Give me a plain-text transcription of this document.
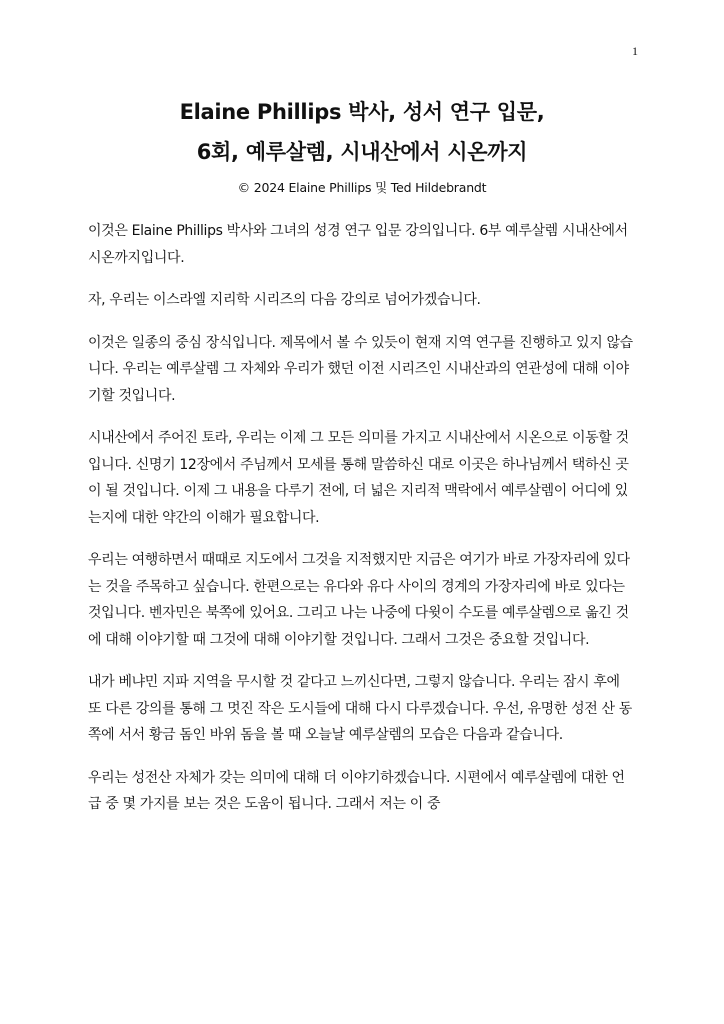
1
Elaine Phillips 박사, 성서 연구 입문,
6회, 예루살렘, 시내산에서 시온까지
© 2024 Elaine Phillips 및 Ted Hildebrandt

이것은 Elaine Phillips 박사와 그녀의 성경 연구 입문 강의입니다. 6부 예루살렘 시내산에서 시온까지입니다.

자, 우리는 이스라엘 지리학 시리즈의 다음 강의로 넘어가겠습니다.

이것은 일종의 중심 장식입니다. 제목에서 볼 수 있듯이 현재 지역 연구를 진행하고 있지 않습니다. 우리는 예루살렘 그 자체와 우리가 했던 이전 시리즈인 시내산과의 연관성에 대해 이야기할 것입니다.

시내산에서 주어진 토라, 우리는 이제 그 모든 의미를 가지고 시내산에서 시온으로 이동할 것입니다. 신명기 12장에서 주님께서 모세를 통해 말씀하신 대로 이곳은 하나님께서 택하신 곳이 될 것입니다. 이제 그 내용을 다루기 전에, 더 넓은 지리적 맥락에서 예루살렘이 어디에 있는지에 대한 약간의 이해가 필요합니다.

우리는 여행하면서 때때로 지도에서 그것을 지적했지만 지금은 여기가 바로 가장자리에 있다는 것을 주목하고 싶습니다. 한편으로는 유다와 유다 사이의 경계의 가장자리에 바로 있다는 것입니다. 벤자민은 북쪽에 있어요. 그리고 나는 나중에 다윗이 수도를 예루살렘으로 옮긴 것에 대해 이야기할 때 그것에 대해 이야기할 것입니다. 그래서 그것은 중요할 것입니다.

내가 베냐민 지파 지역을 무시할 것 같다고 느끼신다면, 그렇지 않습니다. 우리는 잠시 후에 또 다른 강의를 통해 그 멋진 작은 도시들에 대해 다시 다루겠습니다. 우선, 유명한 성전 산 동쪽에 서서 황금 돔인 바위 돔을 볼 때 오늘날 예루살렘의 모습은 다음과 같습니다.

우리는 성전산 자체가 갖는 의미에 대해 더 이야기하겠습니다. 시편에서 예루살렘에 대한 언급 중 몇 가지를 보는 것은 도움이 됩니다. 그래서 저는 이 중
